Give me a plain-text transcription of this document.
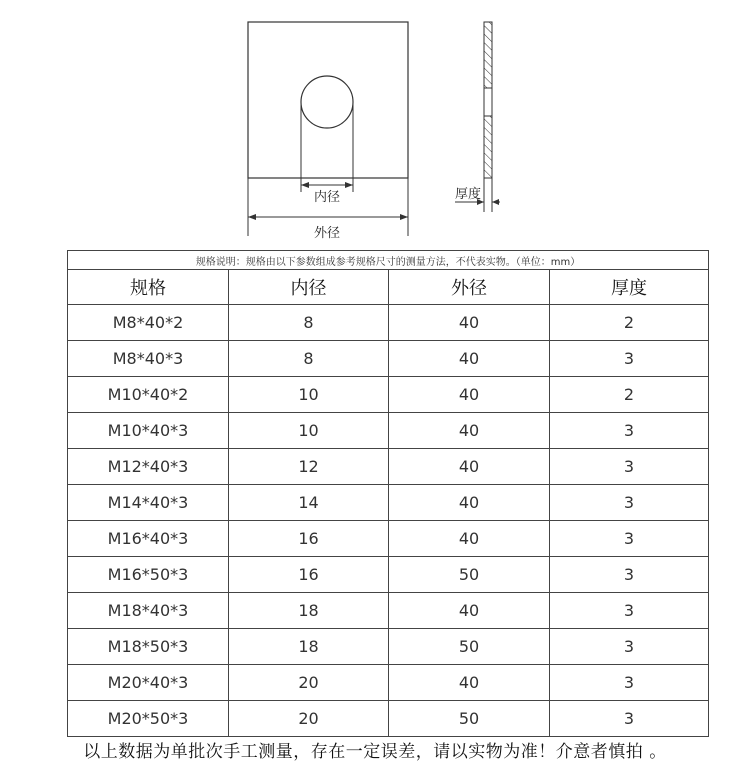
内径
外径
厚度
规格说明：规格由以下参数组成参考规格尺寸的测量方法，不代表实物。（单位：mm）			
规格	内径	外径	厚度
M8*40*2	8	40	2
M8*40*3	8	40	3
M10*40*2	10	40	2
M10*40*3	10	40	3
M12*40*3	12	40	3
M14*40*3	14	40	3
M16*40*3	16	40	3
M16*50*3	16	50	3
M18*40*3	18	40	3
M18*50*3	18	50	3
M20*40*3	20	40	3
M20*50*3	20	50	3
以上数据为单批次手工测量，存在一定误差，请以实物为准！介意者慎拍 。
